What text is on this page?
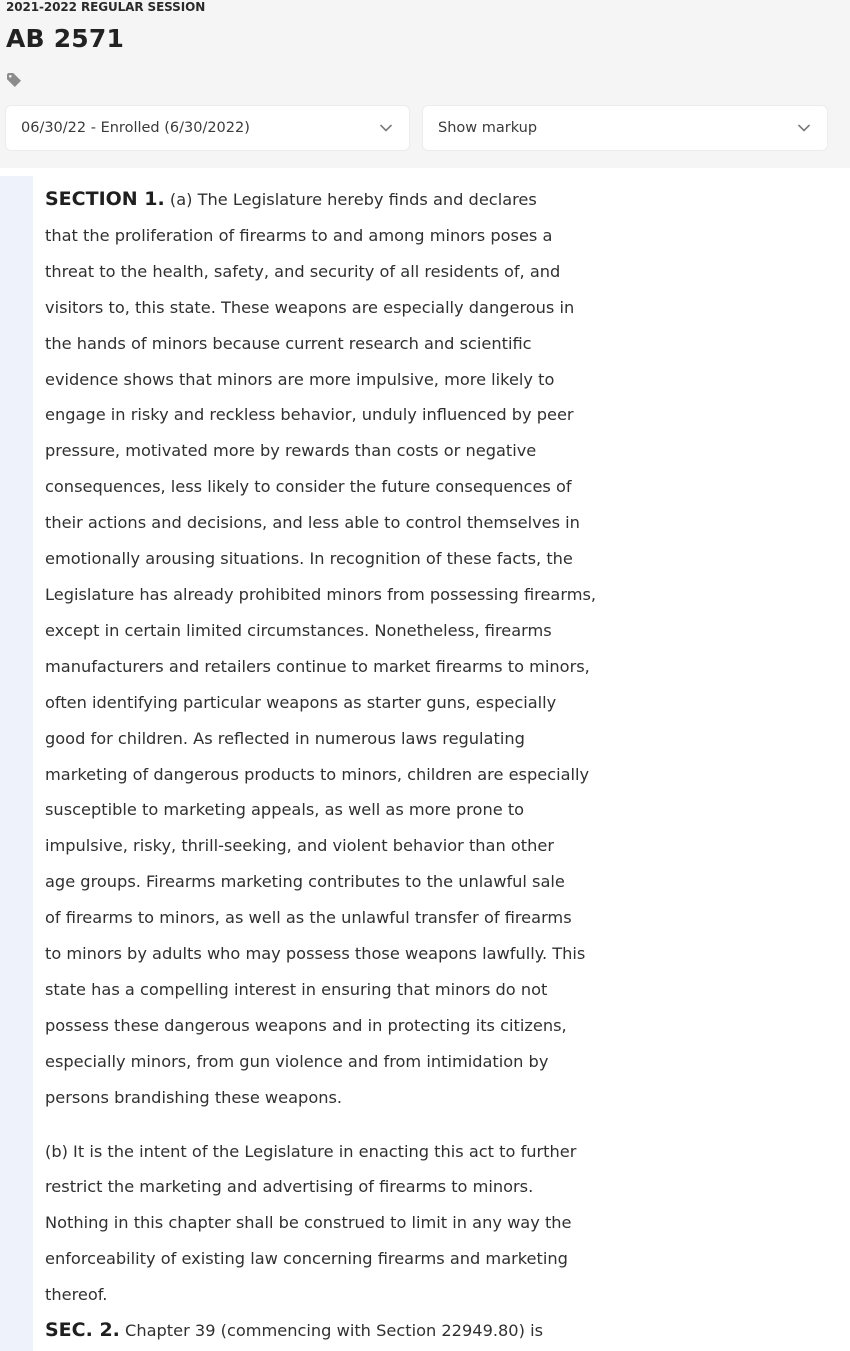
2021-2022 REGULAR SESSION
AB 2571
06/30/22 - Enrolled (6/30/2022)	Show markup

SECTION 1. (a) The Legislature hereby finds and declares
that the proliferation of firearms to and among minors poses a
threat to the health, safety, and security of all residents of, and
visitors to, this state. These weapons are especially dangerous in
the hands of minors because current research and scientific
evidence shows that minors are more impulsive, more likely to
engage in risky and reckless behavior, unduly influenced by peer
pressure, motivated more by rewards than costs or negative
consequences, less likely to consider the future consequences of
their actions and decisions, and less able to control themselves in
emotionally arousing situations. In recognition of these facts, the
Legislature has already prohibited minors from possessing firearms,
except in certain limited circumstances. Nonetheless, firearms
manufacturers and retailers continue to market firearms to minors,
often identifying particular weapons as starter guns, especially
good for children. As reflected in numerous laws regulating
marketing of dangerous products to minors, children are especially
susceptible to marketing appeals, as well as more prone to
impulsive, risky, thrill-seeking, and violent behavior than other
age groups. Firearms marketing contributes to the unlawful sale
of firearms to minors, as well as the unlawful transfer of firearms
to minors by adults who may possess those weapons lawfully. This
state has a compelling interest in ensuring that minors do not
possess these dangerous weapons and in protecting its citizens,
especially minors, from gun violence and from intimidation by
persons brandishing these weapons.

(b) It is the intent of the Legislature in enacting this act to further
restrict the marketing and advertising of firearms to minors.
Nothing in this chapter shall be construed to limit in any way the
enforceability of existing law concerning firearms and marketing
thereof.

SEC. 2. Chapter 39 (commencing with Section 22949.80) is
